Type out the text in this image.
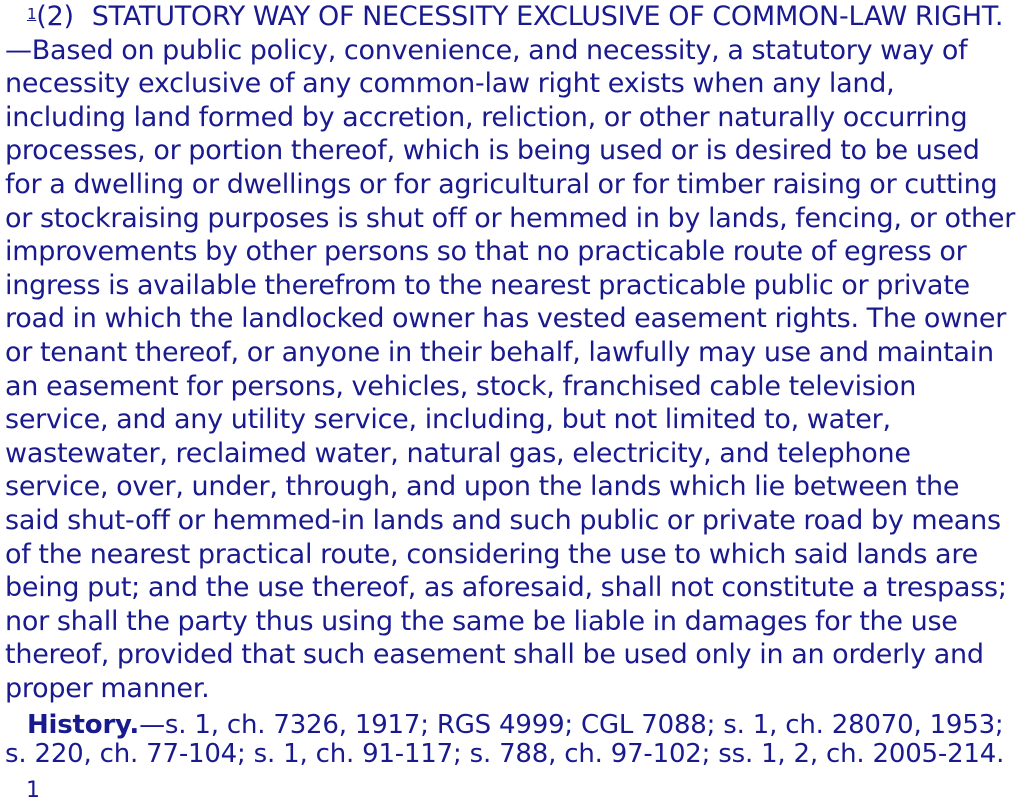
$^1$(2) STATUTORY WAY OF NECESSITY EXCLUSIVE OF COMMON-LAW RIGHT.—Based on public policy, convenience, and necessity, a statutory way of necessity exclusive of any common-law right exists when any land, including land formed by accretion, reliction, or other naturally occurring processes, or portion thereof, which is being used or is desired to be used for a dwelling or dwellings or for agricultural or for timber raising or cutting or stockraising purposes is shut off or hemmed in by lands, fencing, or other improvements by other persons so that no practicable route of egress or ingress is available therefrom to the nearest practicable public or private road in which the landlocked owner has vested easement rights. The owner or tenant thereof, or anyone in their behalf, lawfully may use and maintain an easement for persons, vehicles, stock, franchised cable television service, and any utility service, including, but not limited to, water, wastewater, reclaimed water, natural gas, electricity, and telephone service, over, under, through, and upon the lands which lie between the said shut-off or hemmed-in lands and such public or private road by means of the nearest practical route, considering the use to which said lands are being put; and the use thereof, as aforesaid, shall not constitute a trespass; nor shall the party thus using the same be liable in damages for the use thereof, provided that such easement shall be used only in an orderly and proper manner.

History.—s. 1, ch. 7326, 1917; RGS 4999; CGL 7088; s. 1, ch. 28070, 1953; s. 220, ch. 77-104; s. 1, ch. 91-117; s. 788, ch. 97-102; ss. 1, 2, ch. 2005-214.

1
